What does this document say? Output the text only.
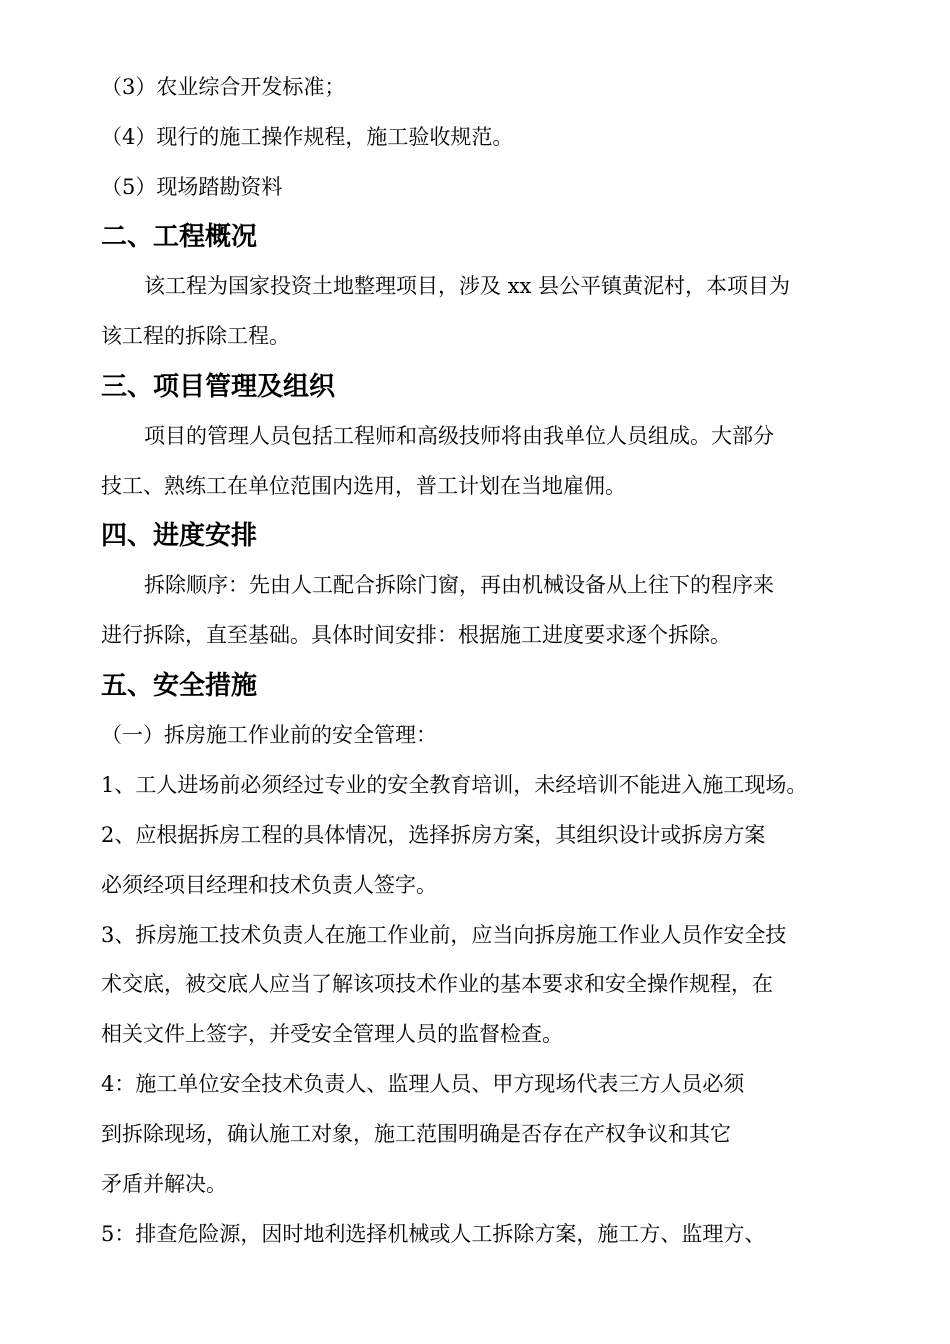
（3）农业综合开发标准；
（4）现行的施工操作规程，施工验收规范。
（5）现场踏勘资料
二、工程概况
该工程为国家投资土地整理项目，涉及 xx 县公平镇黄泥村，本项目为
该工程的拆除工程。
三、项目管理及组织
项目的管理人员包括工程师和高级技师将由我单位人员组成。大部分
技工、熟练工在单位范围内选用，普工计划在当地雇佣。
四、进度安排
拆除顺序：先由人工配合拆除门窗，再由机械设备从上往下的程序来
进行拆除，直至基础。具体时间安排：根据施工进度要求逐个拆除。
五、安全措施
（一）拆房施工作业前的安全管理：
1、工人进场前必须经过专业的安全教育培训，未经培训不能进入施工现场。
2、应根据拆房工程的具体情况，选择拆房方案，其组织设计或拆房方案
必须经项目经理和技术负责人签字。
3、拆房施工技术负责人在施工作业前，应当向拆房施工作业人员作安全技
术交底，被交底人应当了解该项技术作业的基本要求和安全操作规程，在
相关文件上签字，并受安全管理人员的监督检查。
4：施工单位安全技术负责人、监理人员、甲方现场代表三方人员必须
到拆除现场，确认施工对象，施工范围明确是否存在产权争议和其它
矛盾并解决。
5：排查危险源，因时地利选择机械或人工拆除方案，施工方、监理方、
